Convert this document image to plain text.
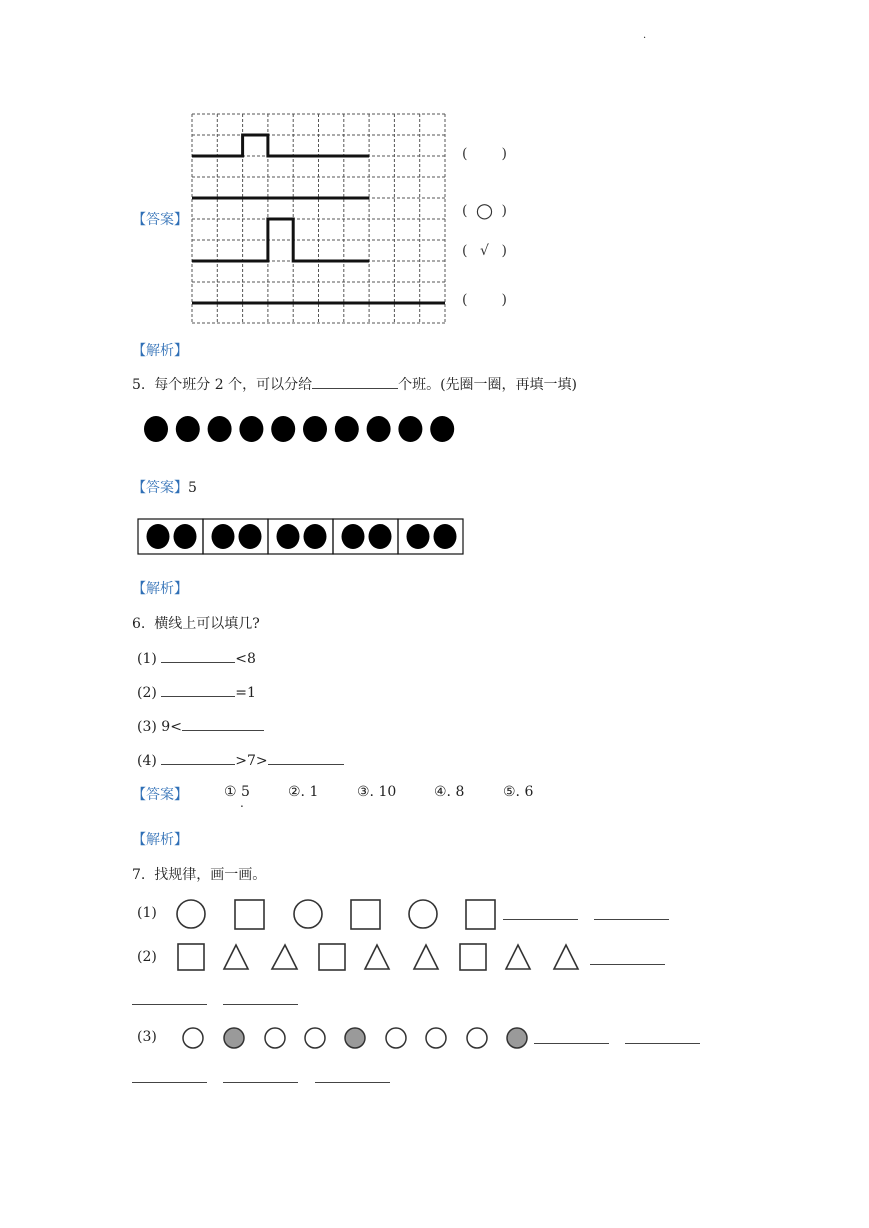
.
【答案】
( )
( ○ )
( √ )
( )
【解析】
5. 每个班分 2 个，可以分给	个班。(先圈一圈，再填一填)
【答案】5
【解析】
6. 横线上可以填几?
(1)	<8
(2)	=1
(3) 9<
(4)	>7>
【答案】	① 5
.
②. 1	③. 10	④. 8	⑤. 6
【解析】
7. 找规律，画一画。
(1)
(2)
(3)
